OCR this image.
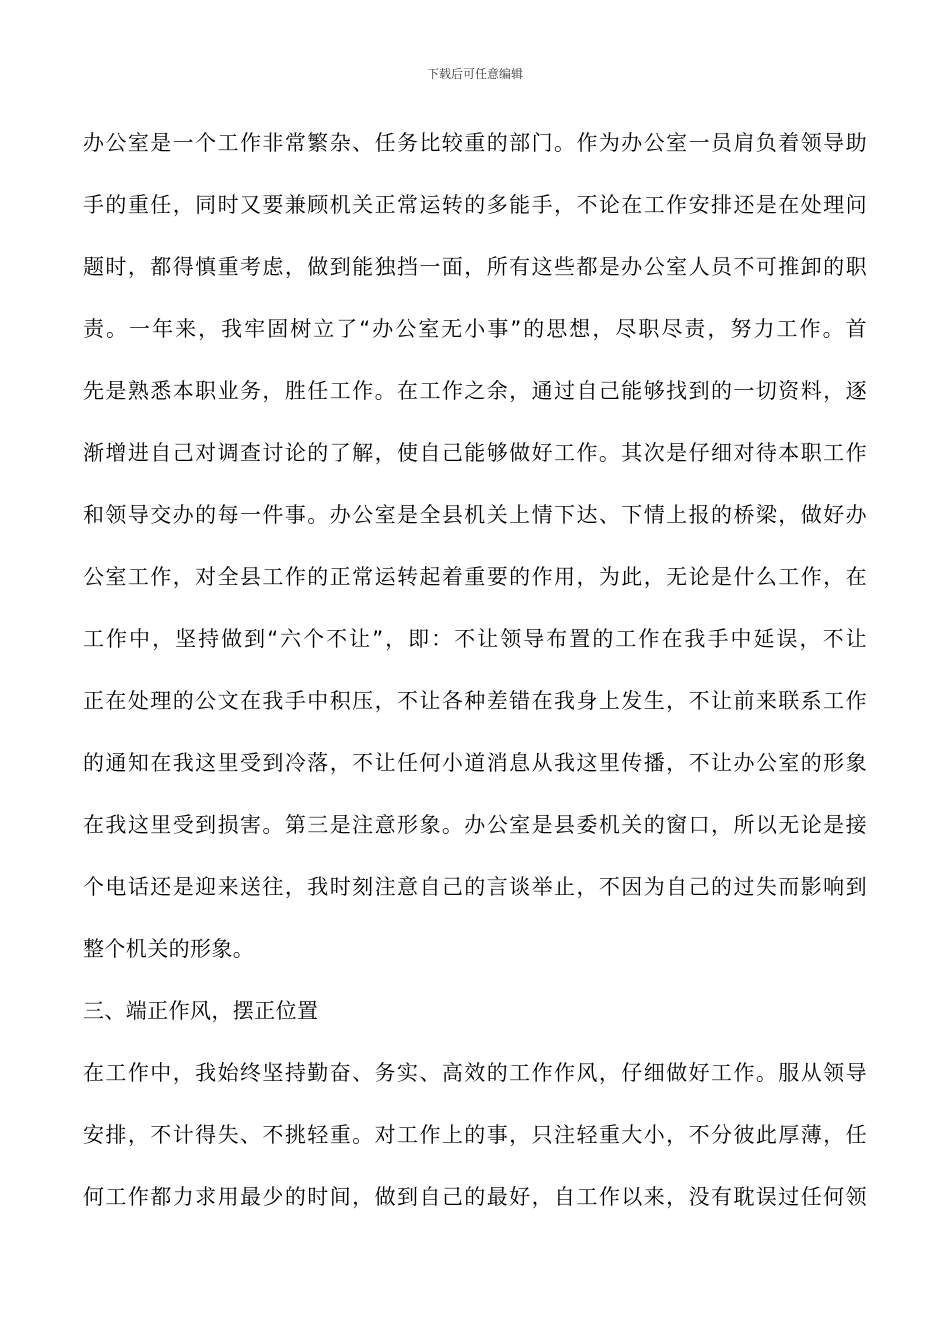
下载后可任意编辑
办公室是一个工作非常繁杂、任务比较重的部门。作为办公室一员肩负着领导助
手的重任，同时又要兼顾机关正常运转的多能手，不论在工作安排还是在处理问
题时，都得慎重考虑，做到能独挡一面，所有这些都是办公室人员不可推卸的职
责。一年来，我牢固树立了“办公室无小事”的思想，尽职尽责，努力工作。首
先是熟悉本职业务，胜任工作。在工作之余，通过自己能够找到的一切资料，逐
渐增进自己对调查讨论的了解，使自己能够做好工作。其次是仔细对待本职工作
和领导交办的每一件事。办公室是全县机关上情下达、下情上报的桥梁，做好办
公室工作，对全县工作的正常运转起着重要的作用，为此，无论是什么工作，在
工作中，坚持做到“六个不让”，即：不让领导布置的工作在我手中延误，不让
正在处理的公文在我手中积压，不让各种差错在我身上发生，不让前来联系工作
的通知在我这里受到冷落，不让任何小道消息从我这里传播，不让办公室的形象
在我这里受到损害。第三是注意形象。办公室是县委机关的窗口，所以无论是接
个电话还是迎来送往，我时刻注意自己的言谈举止，不因为自己的过失而影响到
整个机关的形象。
三、端正作风，摆正位置
在工作中，我始终坚持勤奋、务实、高效的工作作风，仔细做好工作。服从领导
安排，不计得失、不挑轻重。对工作上的事，只注轻重大小，不分彼此厚薄，任
何工作都力求用最少的时间，做到自己的最好，自工作以来，没有耽误过任何领
